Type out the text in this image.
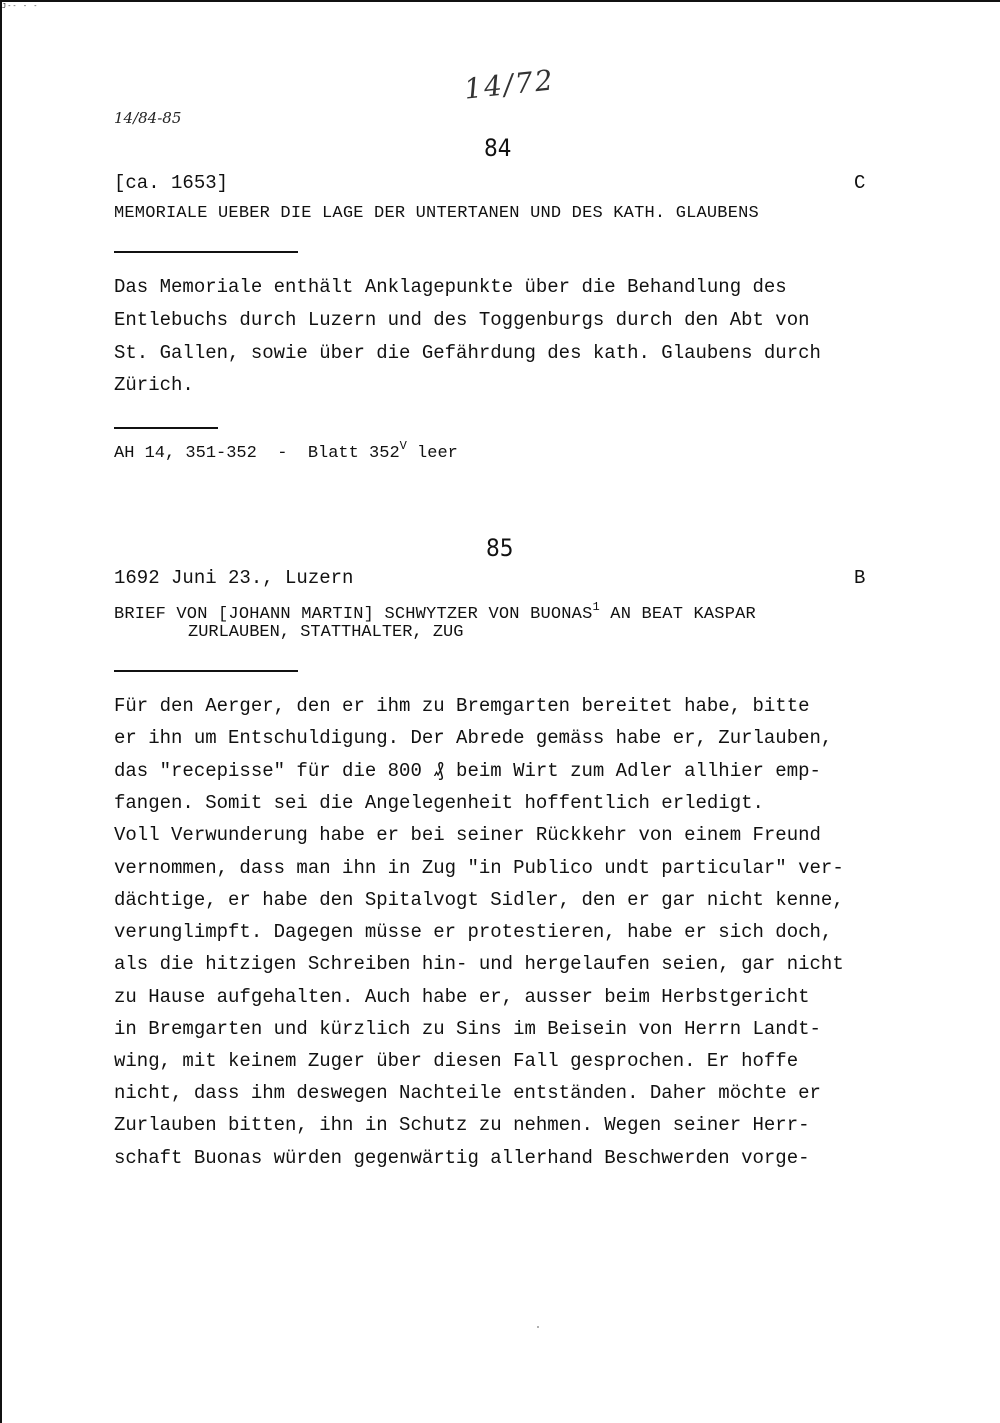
J-- - -
14/84-85
14/72
84
[ca. 1653]	C
MEMORIALE UEBER DIE LAGE DER UNTERTANEN UND DES KATH. GLAUBENS
Das Memoriale enthält Anklagepunkte über die Behandlung des
Entlebuchs durch Luzern und des Toggenburgs durch den Abt von
St. Gallen, sowie über die Gefährdung des kath. Glaubens durch
Zürich.
AH 14, 351-352  -  Blatt $352^V$ leer
85
1692 Juni 23., Luzern	B
BRIEF VON [JOHANN MARTIN] SCHWYTZER VON BUONAS$^1$ AN BEAT KASPAR
ZURLAUBEN, STATTHALTER, ZUG
Für den Aerger, den er ihm zu Bremgarten bereitet habe, bitte
er ihn um Entschuldigung. Der Abrede gemäss habe er, Zurlauben,
das "recepisse" für die 800 ₰ beim Wirt zum Adler allhier emp-
fangen. Somit sei die Angelegenheit hoffentlich erledigt.
Voll Verwunderung habe er bei seiner Rückkehr von einem Freund
vernommen, dass man ihn in Zug "in Publico undt particular" ver-
dächtige, er habe den Spitalvogt Sidler, den er gar nicht kenne,
verunglimpft. Dagegen müsse er protestieren, habe er sich doch,
als die hitzigen Schreiben hin- und hergelaufen seien, gar nicht
zu Hause aufgehalten. Auch habe er, ausser beim Herbstgericht
in Bremgarten und kürzlich zu Sins im Beisein von Herrn Landt-
wing, mit keinem Zuger über diesen Fall gesprochen. Er hoffe
nicht, dass ihm deswegen Nachteile entständen. Daher möchte er
Zurlauben bitten, ihn in Schutz zu nehmen. Wegen seiner Herr-
schaft Buonas würden gegenwärtig allerhand Beschwerden vorge-
